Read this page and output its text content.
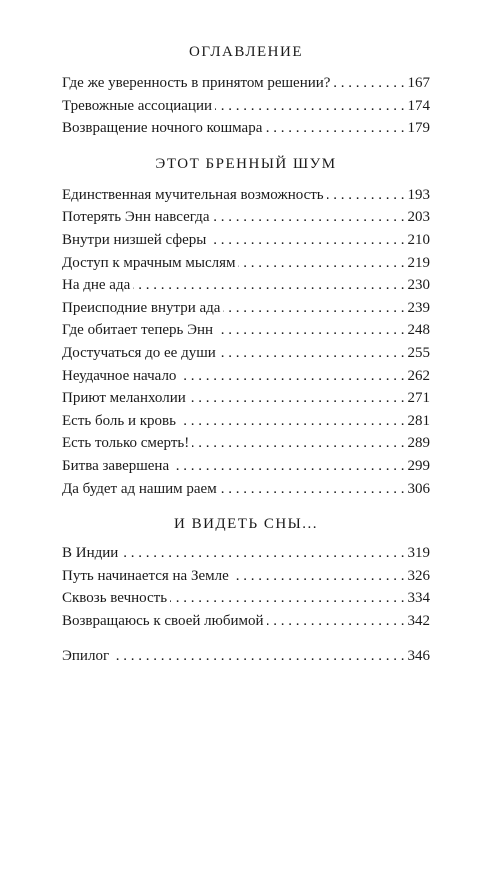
ОГЛАВЛЕНИЕ
Где же уверенность в принятом решении? . . .	167
Тревожные ассоциации . . .	174
Возвращение ночного кошмара . . .	179
ЭТОТ БРЕННЫЙ ШУМ
Единственная мучительная возможность . . .	193
Потерять Энн навсегда . . .	203
Внутри низшей сферы . . .	210
Доступ к мрачным мыслям . . .	219
На дне ада . . .	230
Преисподние внутри ада . . .	239
Где обитает теперь Энн . . .	248
Достучаться до ее души . . .	255
Неудачное начало . . .	262
Приют меланхолии . . .	271
Есть боль и кровь . . .	281
Есть только смерть! . . .	289
Битва завершена . . .	299
Да будет ад нашим раем . . .	306
И ВИДЕТЬ СНЫ...
В Индии . . .	319
Путь начинается на Земле . . .	326
Сквозь вечность . . .	334
Возвращаюсь к своей любимой . . .	342
Эпилог . . .	346
